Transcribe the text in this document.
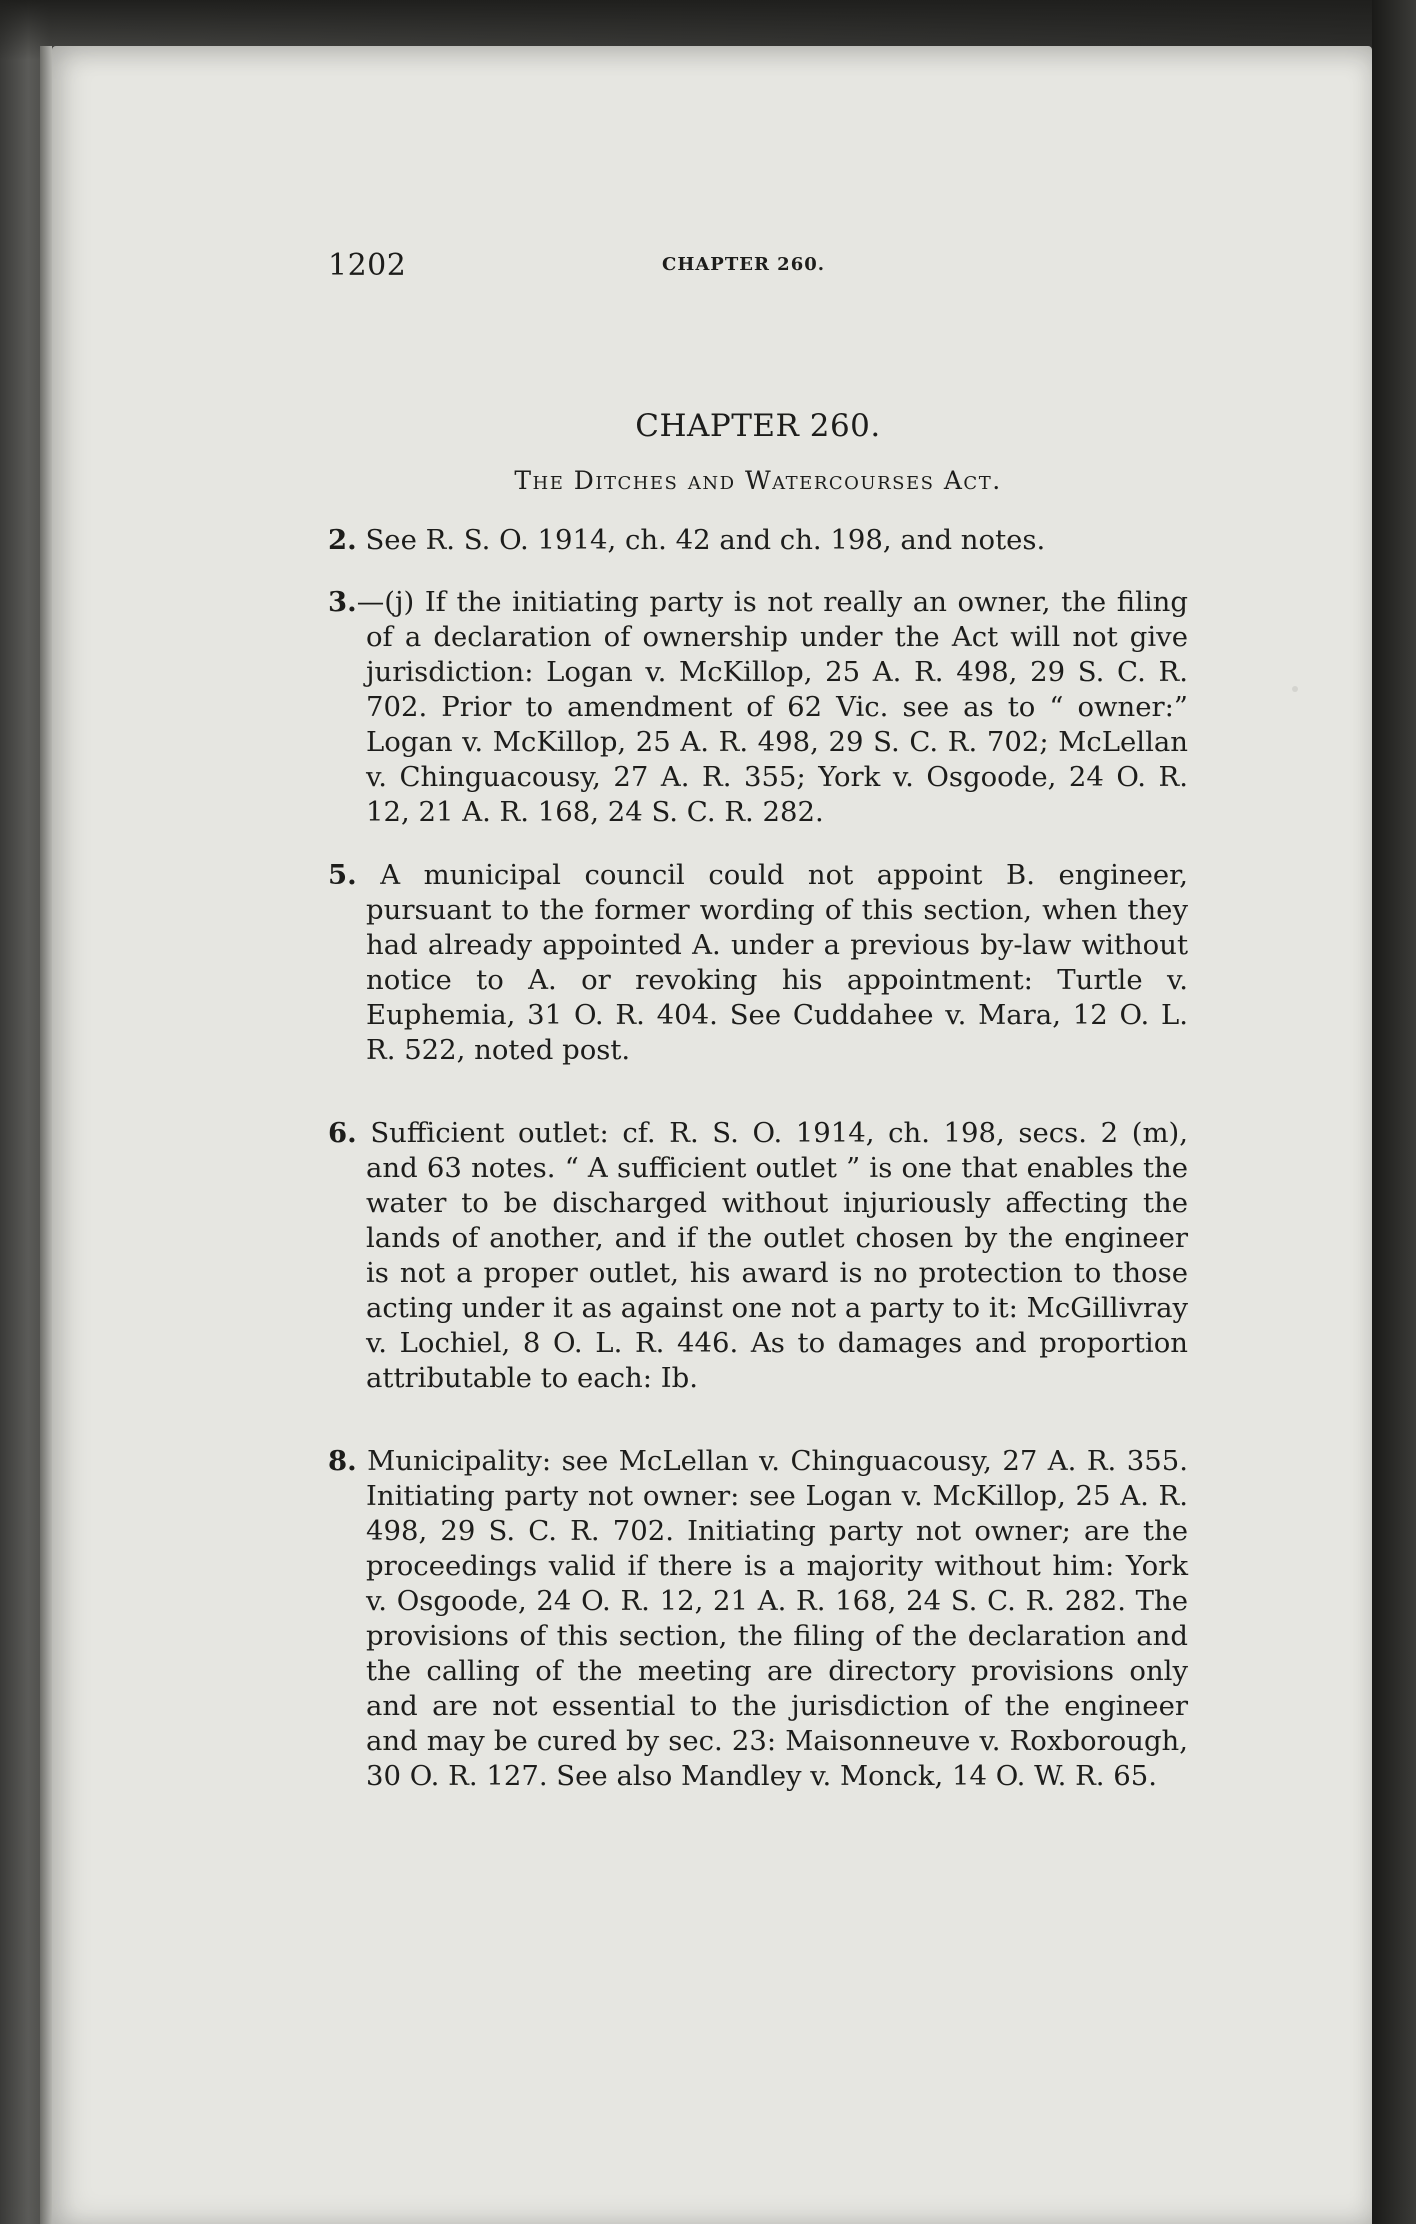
1202	CHAPTER 260.
CHAPTER 260.
The Ditches and Watercourses Act.

2. See R. S. O. 1914, ch. 42 and ch. 198, and notes.

3.—(j) If the initiating party is not really an owner, the filing of a declaration of ownership under the Act will not give jurisdiction: Logan v. McKillop, 25 A. R. 498, 29 S. C. R. 702. Prior to amendment of 62 Vic. see as to “ owner:” Logan v. McKillop, 25 A. R. 498, 29 S. C. R. 702; McLellan v. Chinguacousy, 27 A. R. 355; York v. Osgoode, 24 O. R. 12, 21 A. R. 168, 24 S. C. R. 282.

5. A municipal council could not appoint B. engineer, pursuant to the former wording of this section, when they had already appointed A. under a previous by-law without notice to A. or revoking his appointment: Turtle v. Euphemia, 31 O. R. 404. See Cuddahee v. Mara, 12 O. L. R. 522, noted post.

6. Sufficient outlet: cf. R. S. O. 1914, ch. 198, secs. 2 (m), and 63 notes. “ A sufficient outlet ” is one that enables the water to be discharged without injuriously affecting the lands of another, and if the outlet chosen by the engineer is not a proper outlet, his award is no protection to those acting under it as against one not a party to it: McGillivray v. Lochiel, 8 O. L. R. 446. As to damages and proportion attributable to each: Ib.

8. Municipality: see McLellan v. Chinguacousy, 27 A. R. 355. Initiating party not owner: see Logan v. McKillop, 25 A. R. 498, 29 S. C. R. 702. Initiating party not owner; are the proceedings valid if there is a majority without him: York v. Osgoode, 24 O. R. 12, 21 A. R. 168, 24 S. C. R. 282. The provisions of this section, the filing of the declaration and the calling of the meeting are directory provisions only and are not essential to the jurisdiction of the engineer and may be cured by sec. 23: Maisonneuve v. Roxborough, 30 O. R. 127. See also Mandley v. Monck, 14 O. W. R. 65.
